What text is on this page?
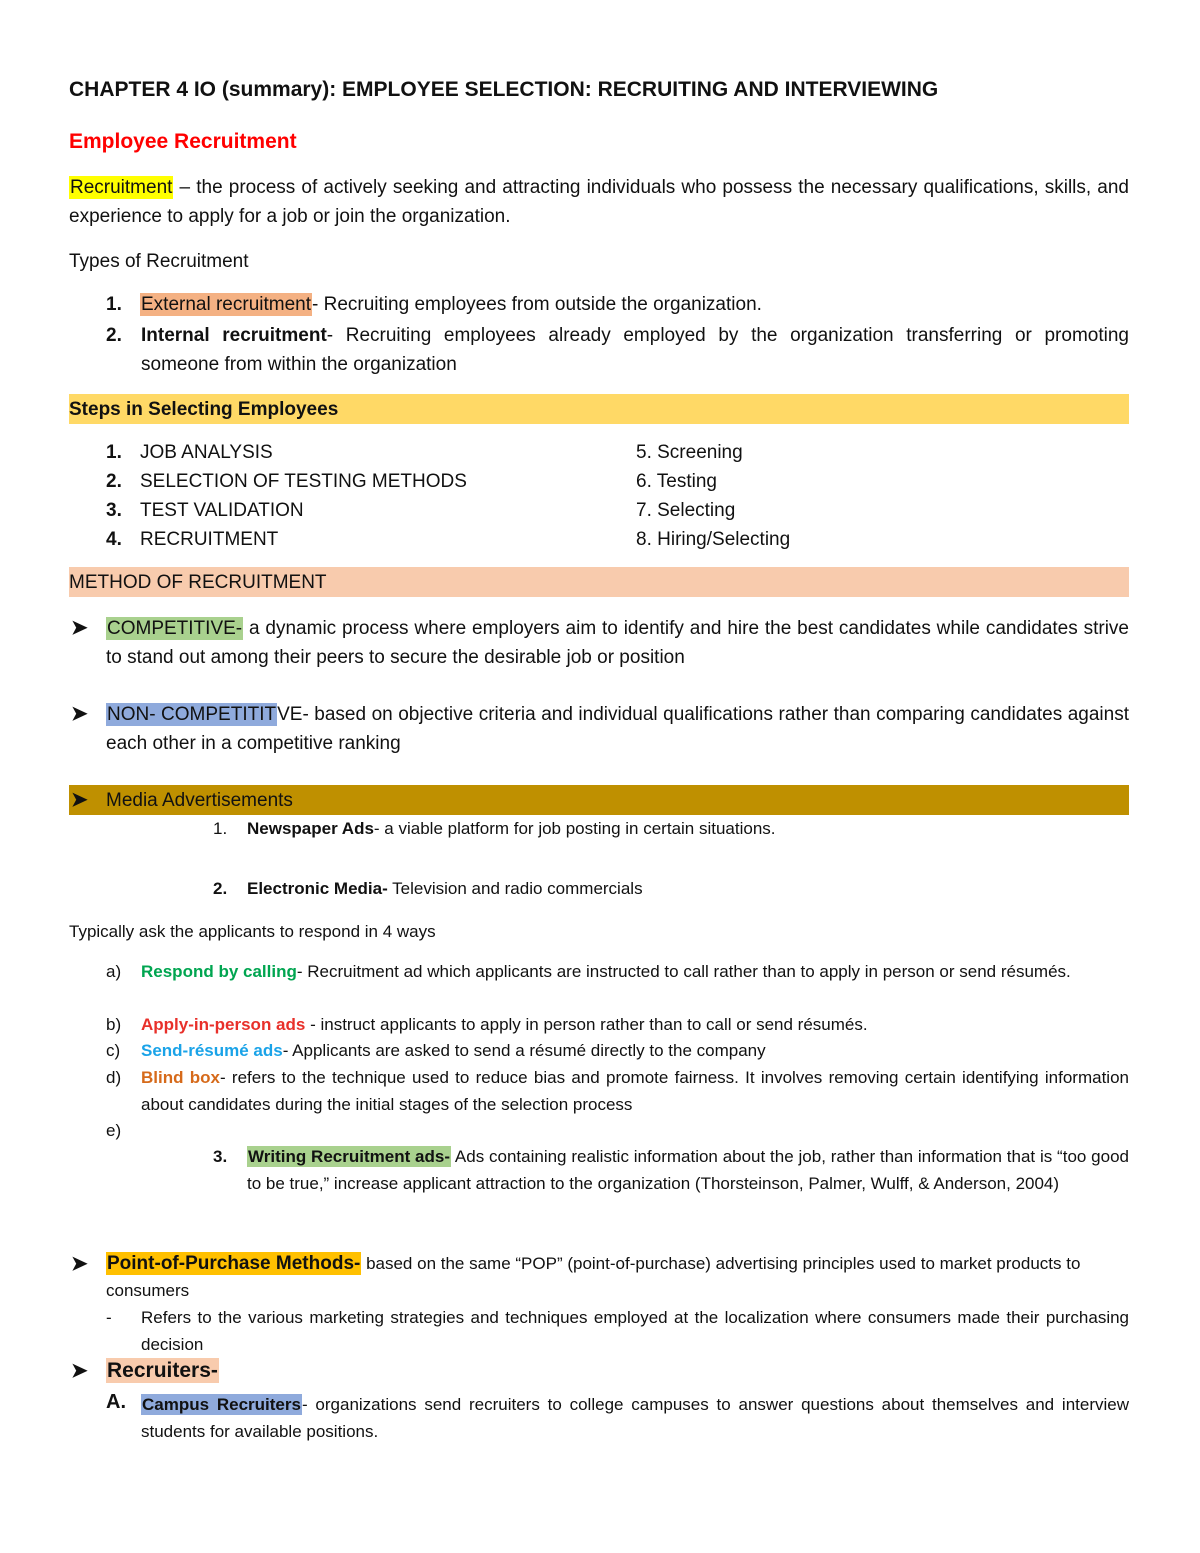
CHAPTER 4 IO (summary): EMPLOYEE SELECTION: RECRUITING AND INTERVIEWING
Employee Recruitment
Recruitment – the process of actively seeking and attracting individuals who possess the necessary qualifications, skills, and experience to apply for a job or join the organization.
Types of Recruitment
1. External recruitment- Recruiting employees from outside the organization.
2.	Internal recruitment- Recruiting employees already employed by the organization transferring or promoting someone from within the organization
Steps in Selecting Employees
1. JOB ANALYSIS
2. SELECTION OF TESTING METHODS
3. TEST VALIDATION
4. RECRUITMENT
5. Screening
6. Testing
7. Selecting
8. Hiring/Selecting
METHOD OF RECRUITMENT
➤ COMPETITIVE- a dynamic process where employers aim to identify and hire the best candidates while candidates strive to stand out among their peers to secure the desirable job or position
➤ NON- COMPETITITVE- based on objective criteria and individual qualifications rather than comparing candidates against each other in a competitive ranking
➤ Media Advertisements
1. Newspaper Ads- a viable platform for job posting in certain situations.
2. Electronic Media- Television and radio commercials
Typically ask the applicants to respond in 4 ways
a) Respond by calling- Recruitment ad which applicants are instructed to call rather than to apply in person or send résumés.
b) Apply-in-person ads - instruct applicants to apply in person rather than to call or send résumés.
c) Send-résumé ads- Applicants are asked to send a résumé directly to the company
d) Blind box- refers to the technique used to reduce bias and promote fairness. It involves removing certain identifying information about candidates during the initial stages of the selection process
e)
3. Writing Recruitment ads- Ads containing realistic information about the job, rather than information that is “too good to be true,” increase applicant attraction to the organization (Thorsteinson, Palmer, Wulff, & Anderson, 2004)
➤ Point-of-Purchase Methods- based on the same “POP” (point-of-purchase) advertising principles used to market products to consumers
- Refers to the various marketing strategies and techniques employed at the localization where consumers made their purchasing decision
➤ Recruiters-
A. Campus Recruiters- organizations send recruiters to college campuses to answer questions about themselves and interview students for available positions.
